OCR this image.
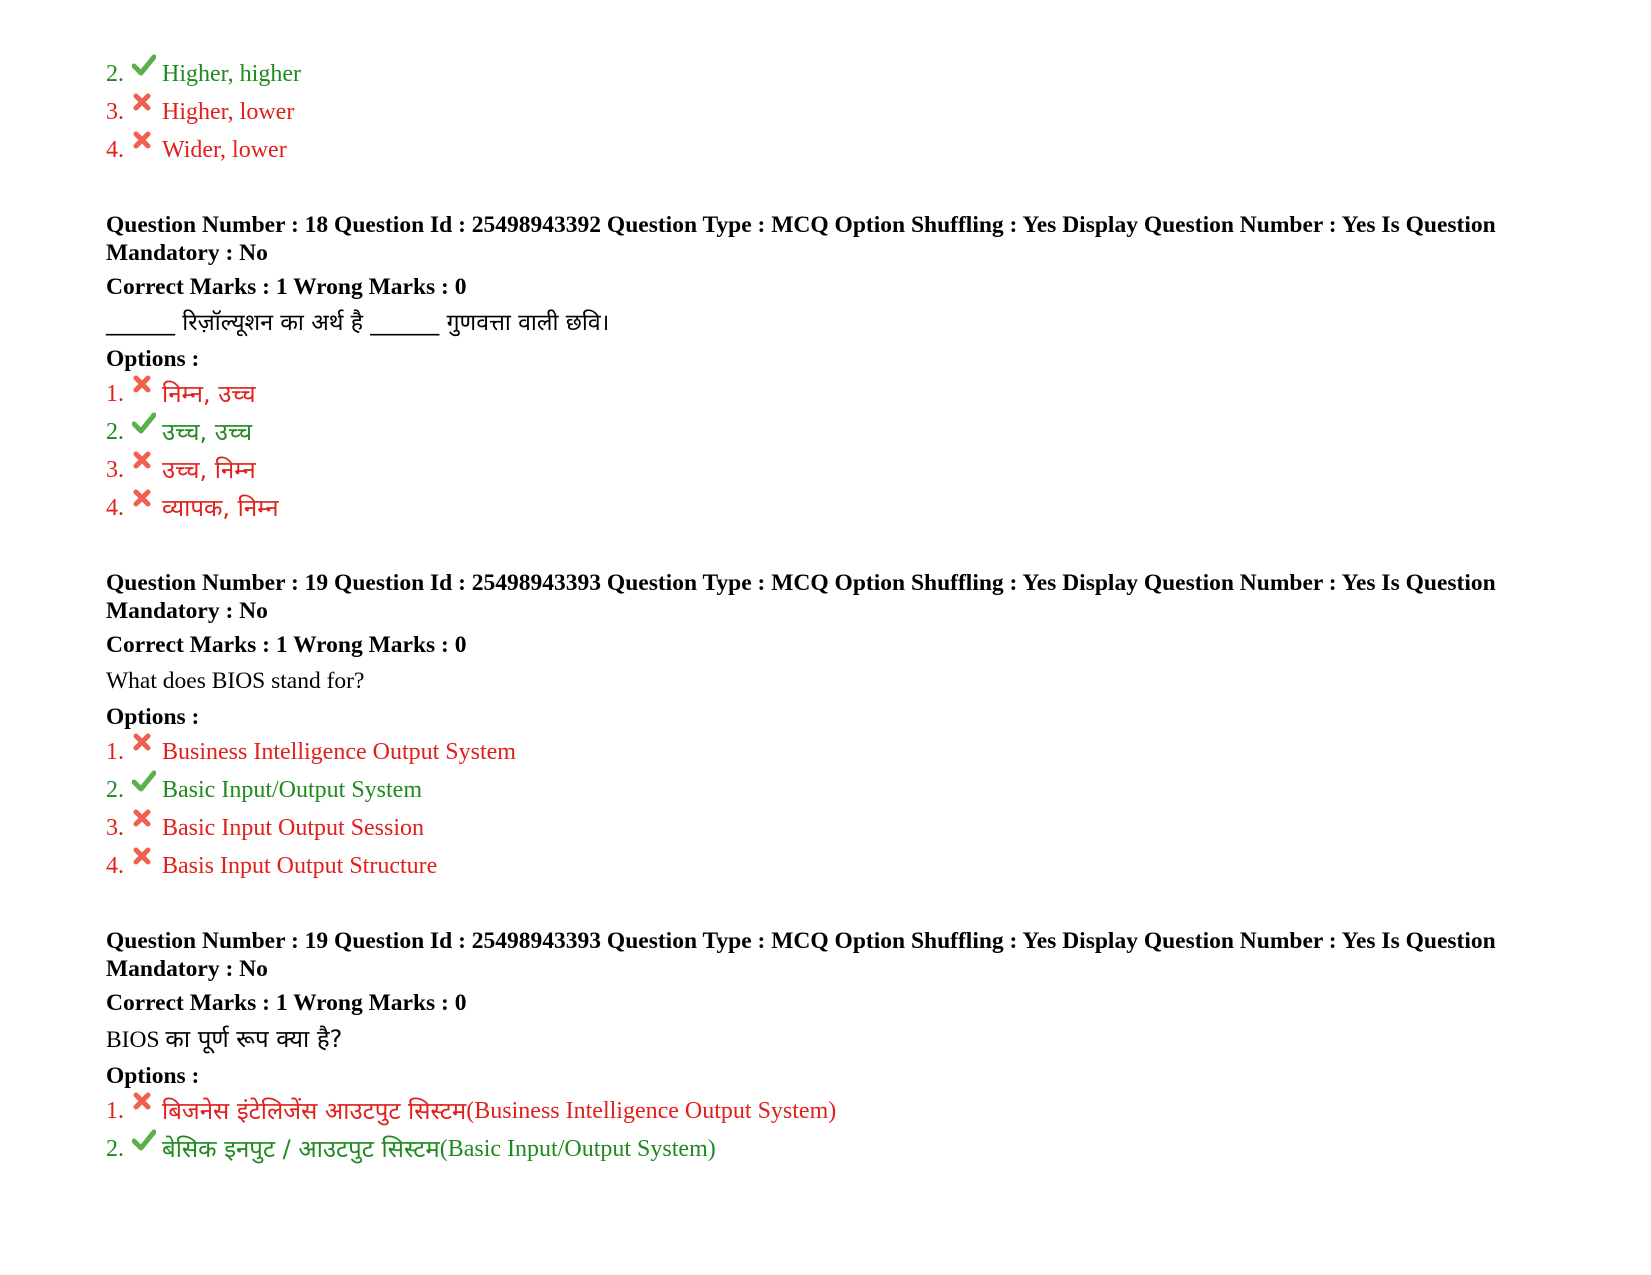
2.	Higher, higher
3.	Higher, lower
4.	Wider, lower
Question Number : 18 Question Id : 25498943392 Question Type : MCQ Option Shuffling : Yes Display Question Number : Yes Is Question Mandatory : No
Correct Marks : 1 Wrong Marks : 0
______ रिज़ॉल्यूशन का अर्थ है ______ गुणवत्ता वाली छवि।
Options :
1.	निम्न, उच्च
2.	उच्च, उच्च
3.	उच्च, निम्न
4.	व्यापक, निम्न
Question Number : 19 Question Id : 25498943393 Question Type : MCQ Option Shuffling : Yes Display Question Number : Yes Is Question Mandatory : No
Correct Marks : 1 Wrong Marks : 0
What does BIOS stand for?
Options :
1.	Business Intelligence Output System
2.	Basic Input/Output System
3.	Basic Input Output Session
4.	Basis Input Output Structure
Question Number : 19 Question Id : 25498943393 Question Type : MCQ Option Shuffling : Yes Display Question Number : Yes Is Question Mandatory : No
Correct Marks : 1 Wrong Marks : 0
BIOS का पूर्ण रूप क्या है?
Options :
1.	बिजनेस इंटेलिजेंस आउटपुट सिस्टम (Business Intelligence Output System)
2.	बेसिक इनपुट / आउटपुट सिस्टम (Basic Input/Output System)
